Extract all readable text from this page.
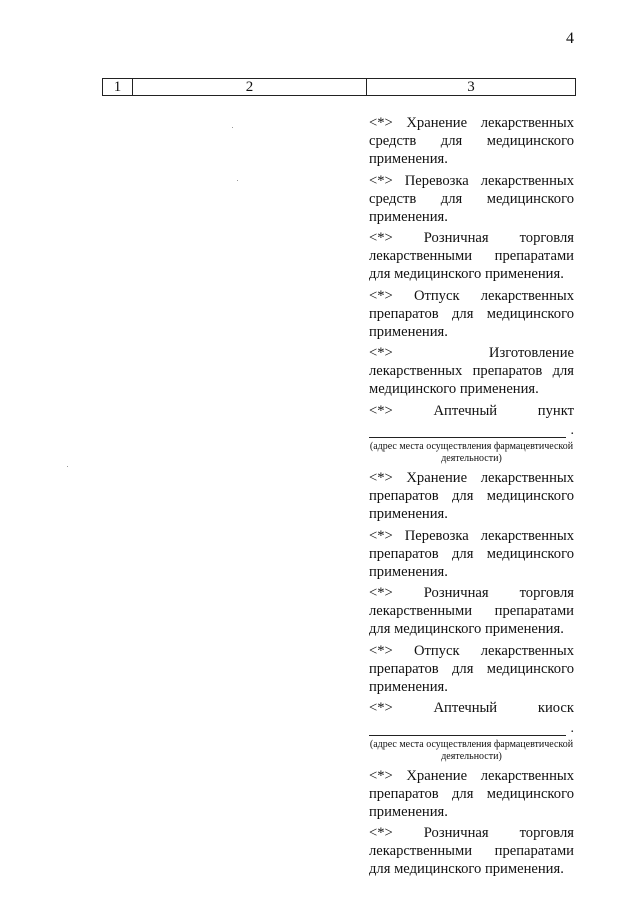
4
1	2	3

<*> Хранение лекарственных средств для медицинского применения.

<*> Перевозка лекарственных средств для медицинского применения.

<*> Розничная торговля лекарственными препаратами для медицинского применения.

<*> Отпуск лекарственных препаратов для медицинского применения.

<*> Изготовление лекарственных препаратов для медицинского применения.

<*> Аптечный пункт

.
(адрес места осуществления фармацевтической деятельности)

<*> Хранение лекарственных препаратов для медицинского применения.

<*> Перевозка лекарственных препаратов для медицинского применения.

<*> Розничная торговля лекарственными препаратами для медицинского применения.

<*> Отпуск лекарственных препаратов для медицинского применения.

<*> Аптечный киоск

.
(адрес места осуществления фармацевтической деятельности)

<*> Хранение лекарственных препаратов для медицинского применения.

<*> Розничная торговля лекарственными препаратами для медицинского применения.
